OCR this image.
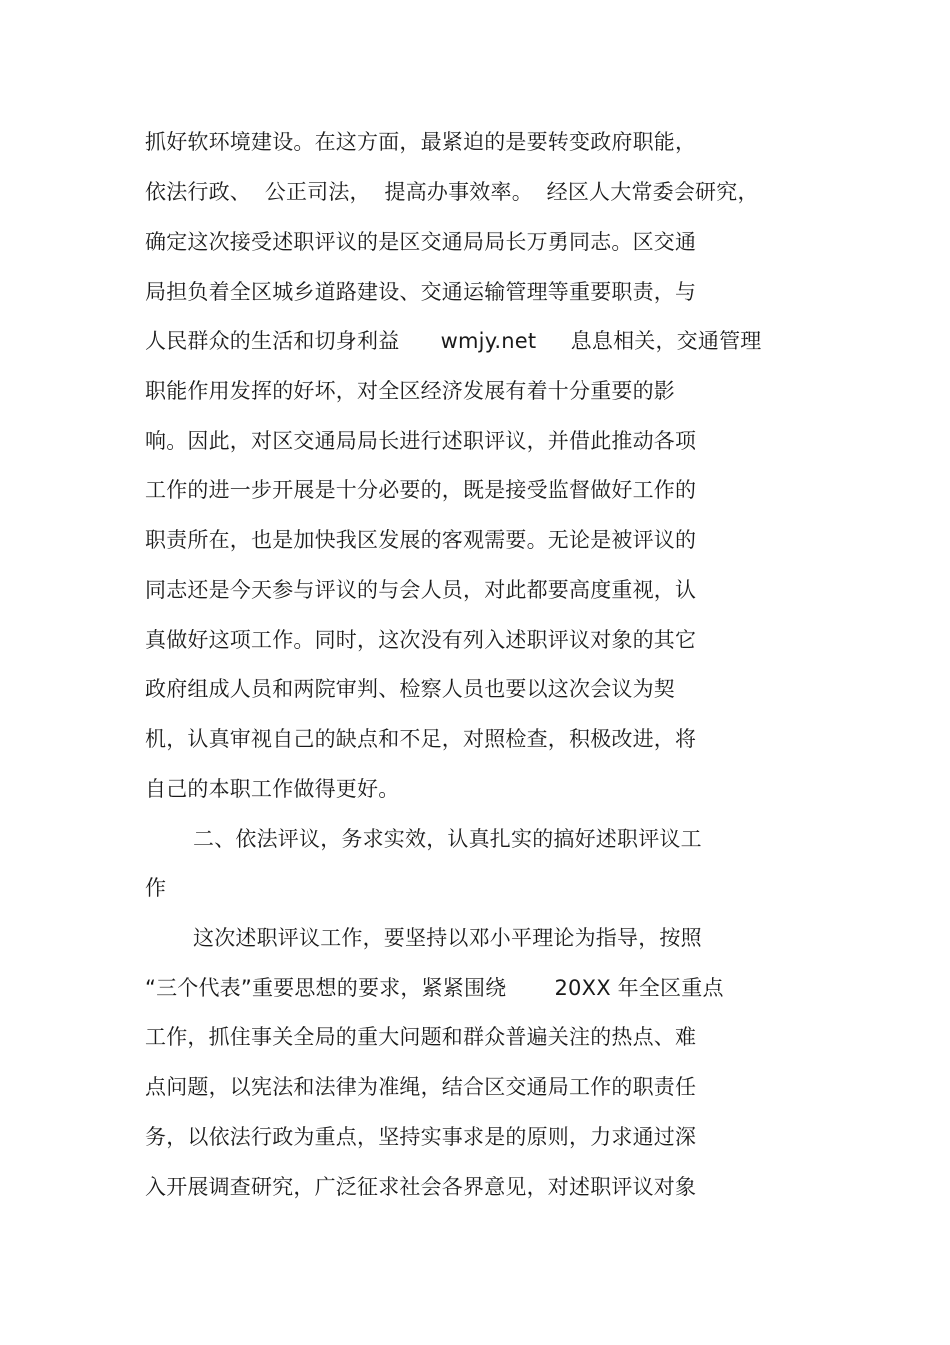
抓好软环境建设。在这方面，最紧迫的是要转变政府职能，
依法行政、  公正司法，  提高办事效率。  经区人大常委会研究，
确定这次接受述职评议的是区交通局局长万勇同志。区交通
局担负着全区城乡道路建设、交通运输管理等重要职责，与
人民群众的生活和切身利益      wmjy.net     息息相关，交通管理
职能作用发挥的好坏，对全区经济发展有着十分重要的影
响。因此，对区交通局局长进行述职评议，并借此推动各项
工作的进一步开展是十分必要的，既是接受监督做好工作的
职责所在，也是加快我区发展的客观需要。无论是被评议的
同志还是今天参与评议的与会人员，对此都要高度重视，认
真做好这项工作。同时，这次没有列入述职评议对象的其它
政府组成人员和两院审判、检察人员也要以这次会议为契
机，认真审视自己的缺点和不足，对照检查，积极改进，将
自己的本职工作做得更好。
二、依法评议，务求实效，认真扎实的搞好述职评议工
作
这次述职评议工作，要坚持以邓小平理论为指导，按照
“三个代表”重要思想的要求，紧紧围绕       20XX 年全区重点
工作，抓住事关全局的重大问题和群众普遍关注的热点、难
点问题，以宪法和法律为准绳，结合区交通局工作的职责任
务，以依法行政为重点，坚持实事求是的原则，力求通过深
入开展调查研究，广泛征求社会各界意见，对述职评议对象
